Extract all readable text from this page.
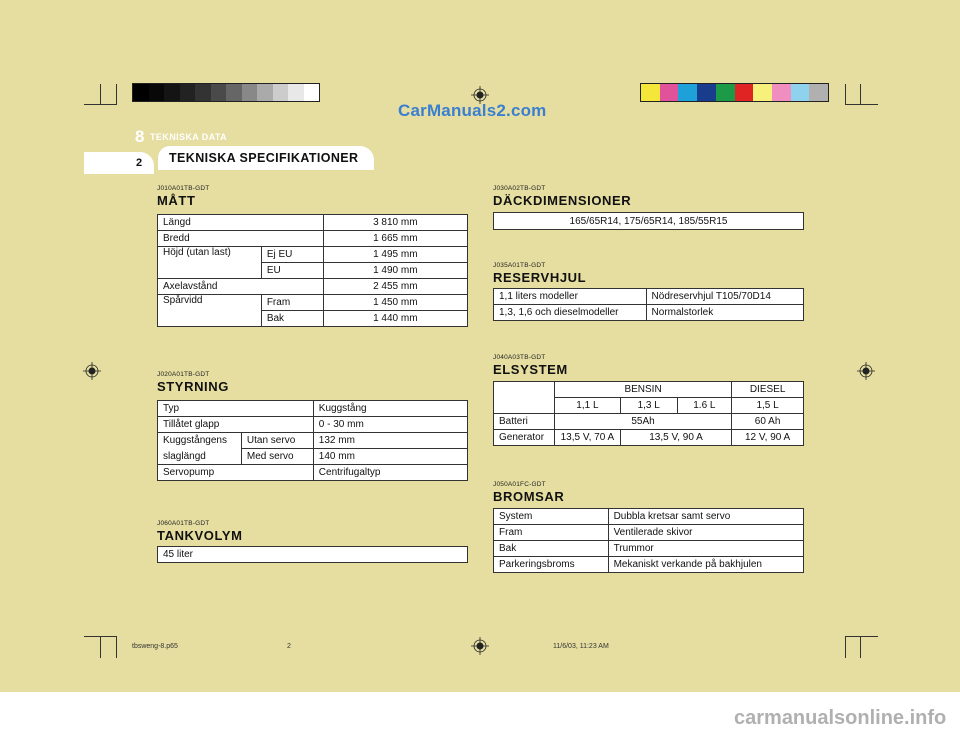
CarManuals2.com
8 TEKNISKA DATA
2 TEKNISKA SPECIFIKATIONER
J010A01TB-GDT
MÅTT
Längd		3 810 mm
Bredd		1 665 mm
Höjd (utan last)	Ej EU	1 495 mm
	EU	1 490 mm
Axelavstånd		2 455 mm
Spårvidd	Fram	1 450 mm
	Bak	1 440 mm
J020A01TB-GDT
STYRNING
Typ		Kuggstång
Tillåtet glapp		0 - 30 mm
Kuggstångens	Utan servo	132 mm
slaglängd	Med servo	140 mm
Servopump		Centrifugaltyp
J060A01TB-GDT
TANKVOLYM
45 liter
J030A02TB-GDT
DÄCKDIMENSIONER
165/65R14, 175/65R14, 185/55R15
J035A01TB-GDT
RESERVHJUL
1,1 liters modeller	Nödreservhjul T105/70D14
1,3, 1,6 och dieselmodeller	Normalstorlek
J040A03TB-GDT
ELSYSTEM
	BENSIN			DIESEL
	1,1 L	1,3 L	1.6 L	1,5 L
Batteri	55Ah			60 Ah
Generator	13,5 V, 70 A	13,5 V, 90 A		12 V, 90 A
J050A01FC-GDT
BROMSAR
System	Dubbla kretsar samt servo
Fram	Ventilerade skivor
Bak	Trummor
Parkeringsbroms	Mekaniskt verkande på bakhjulen
tbsweng-8.p65	2	11/6/03, 11:23 AM
carmanualsonline.info
